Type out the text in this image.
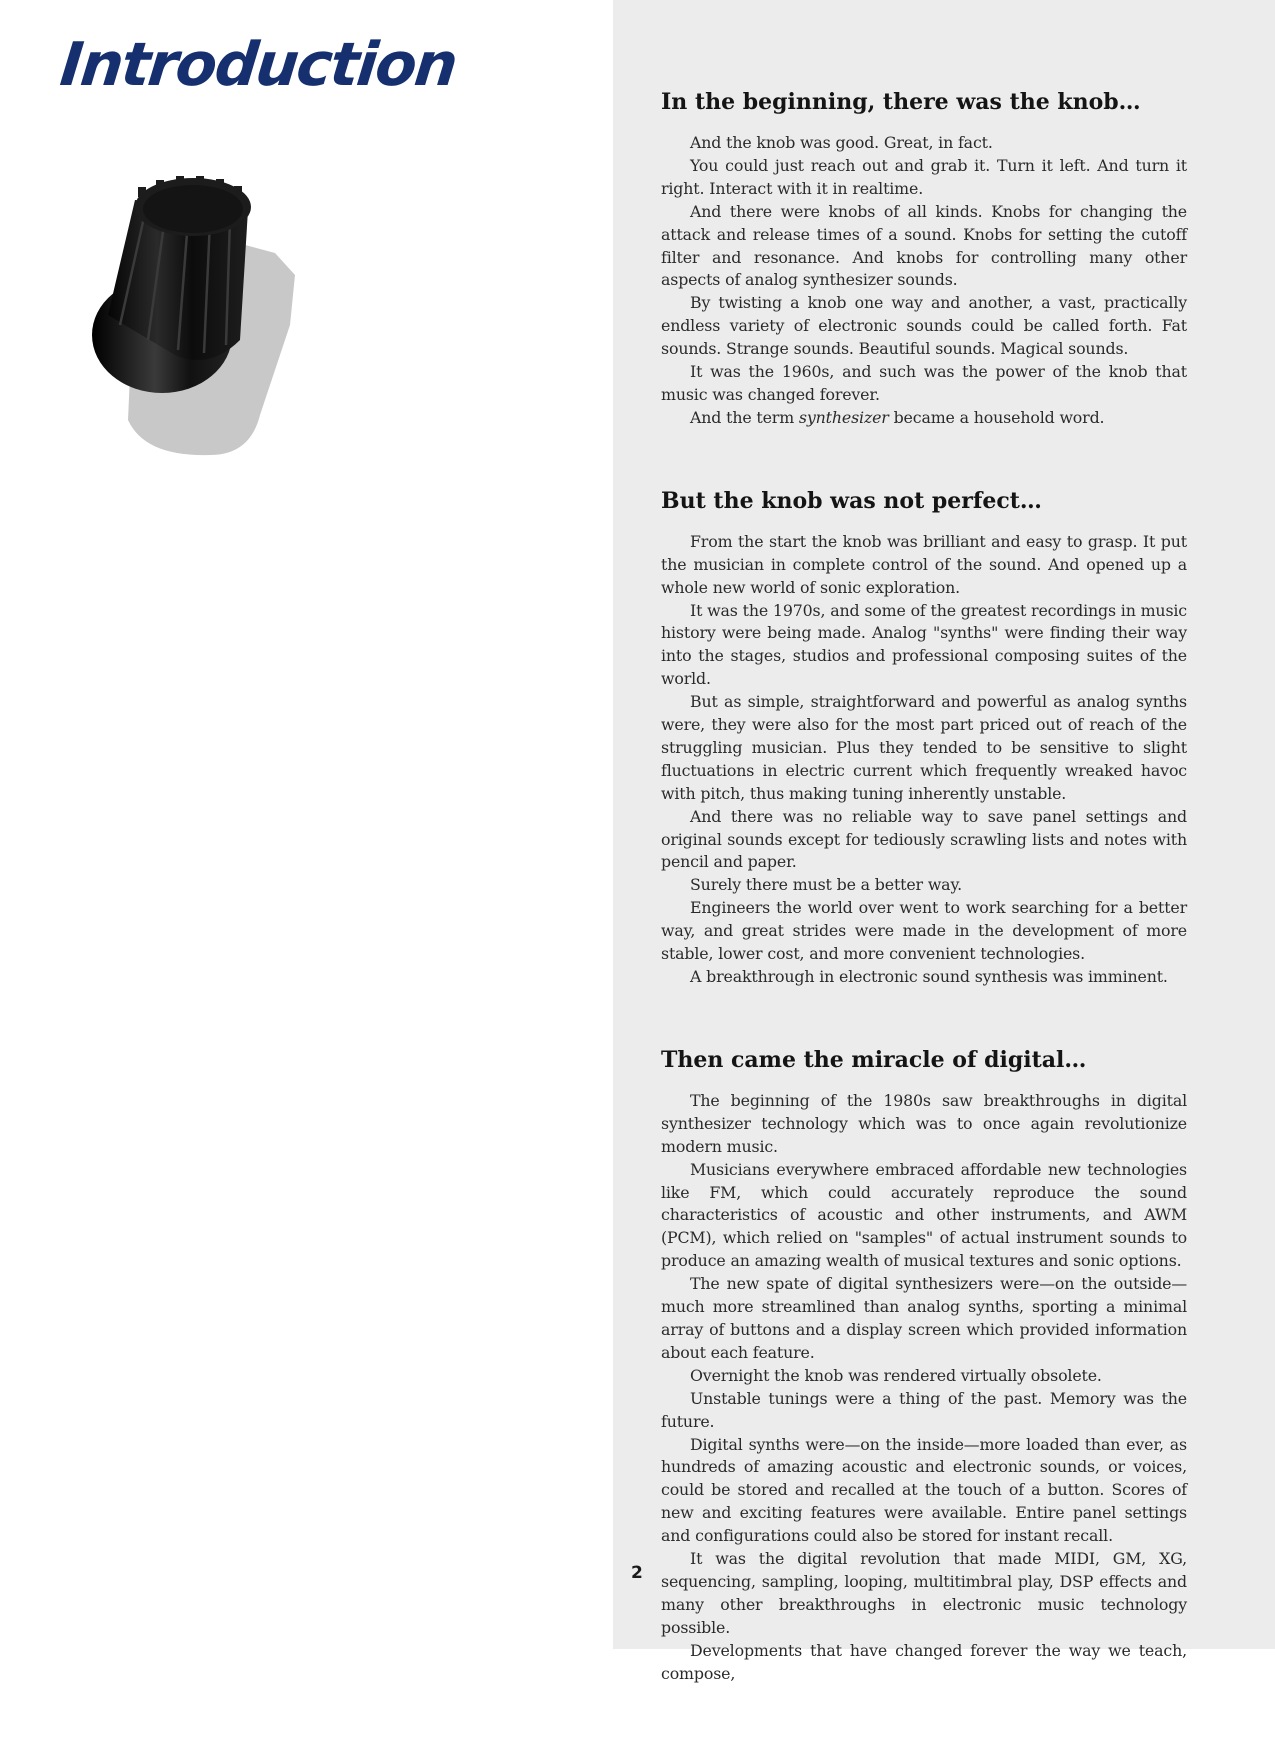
Introduction
In the beginning, there was the knob…

And the knob was good. Great, in fact.

You could just reach out and grab it. Turn it left. And turn it right. Interact with it in realtime.

And there were knobs of all kinds. Knobs for changing the attack and release times of a sound. Knobs for setting the cutoff filter and resonance. And knobs for controlling many other aspects of analog synthesizer sounds.

By twisting a knob one way and another, a vast, practically endless variety of electronic sounds could be called forth. Fat sounds. Strange sounds. Beautiful sounds. Magical sounds.

It was the 1960s, and such was the power of the knob that music was changed forever.

And the term synthesizer became a household word.

But the knob was not perfect…

From the start the knob was brilliant and easy to grasp. It put the musician in complete control of the sound. And opened up a whole new world of sonic exploration.

It was the 1970s, and some of the greatest recordings in music history were being made. Analog "synths" were finding their way into the stages, studios and professional composing suites of the world.

But as simple, straightforward and powerful as analog synths were, they were also for the most part priced out of reach of the struggling musician. Plus they tended to be sensitive to slight fluctuations in electric current which frequently wreaked havoc with pitch, thus making tuning inherently unstable.

And there was no reliable way to save panel settings and original sounds except for tediously scrawling lists and notes with pencil and paper.

Surely there must be a better way.

Engineers the world over went to work searching for a better way, and great strides were made in the development of more stable, lower cost, and more convenient technologies.

A breakthrough in electronic sound synthesis was imminent.

Then came the miracle of digital…

The beginning of the 1980s saw breakthroughs in digital synthesizer technology which was to once again revolutionize modern music.

Musicians everywhere embraced affordable new technologies like FM, which could accurately reproduce the sound characteristics of acoustic and other instruments, and AWM (PCM), which relied on "samples" of actual instrument sounds to produce an amazing wealth of musical textures and sonic options.

The new spate of digital synthesizers were—on the outside—much more streamlined than analog synths, sporting a minimal array of buttons and a display screen which provided information about each feature.

Overnight the knob was rendered virtually obsolete.

Unstable tunings were a thing of the past. Memory was the future.

Digital synths were—on the inside—more loaded than ever, as hundreds of amazing acoustic and electronic sounds, or voices, could be stored and recalled at the touch of a button. Scores of new and exciting features were available. Entire panel settings and configurations could also be stored for instant recall.

It was the digital revolution that made MIDI, GM, XG, sequencing, sampling, looping, multitimbral play, DSP effects and many other breakthroughs in electronic music technology possible.

Developments that have changed forever the way we teach, compose,

2
